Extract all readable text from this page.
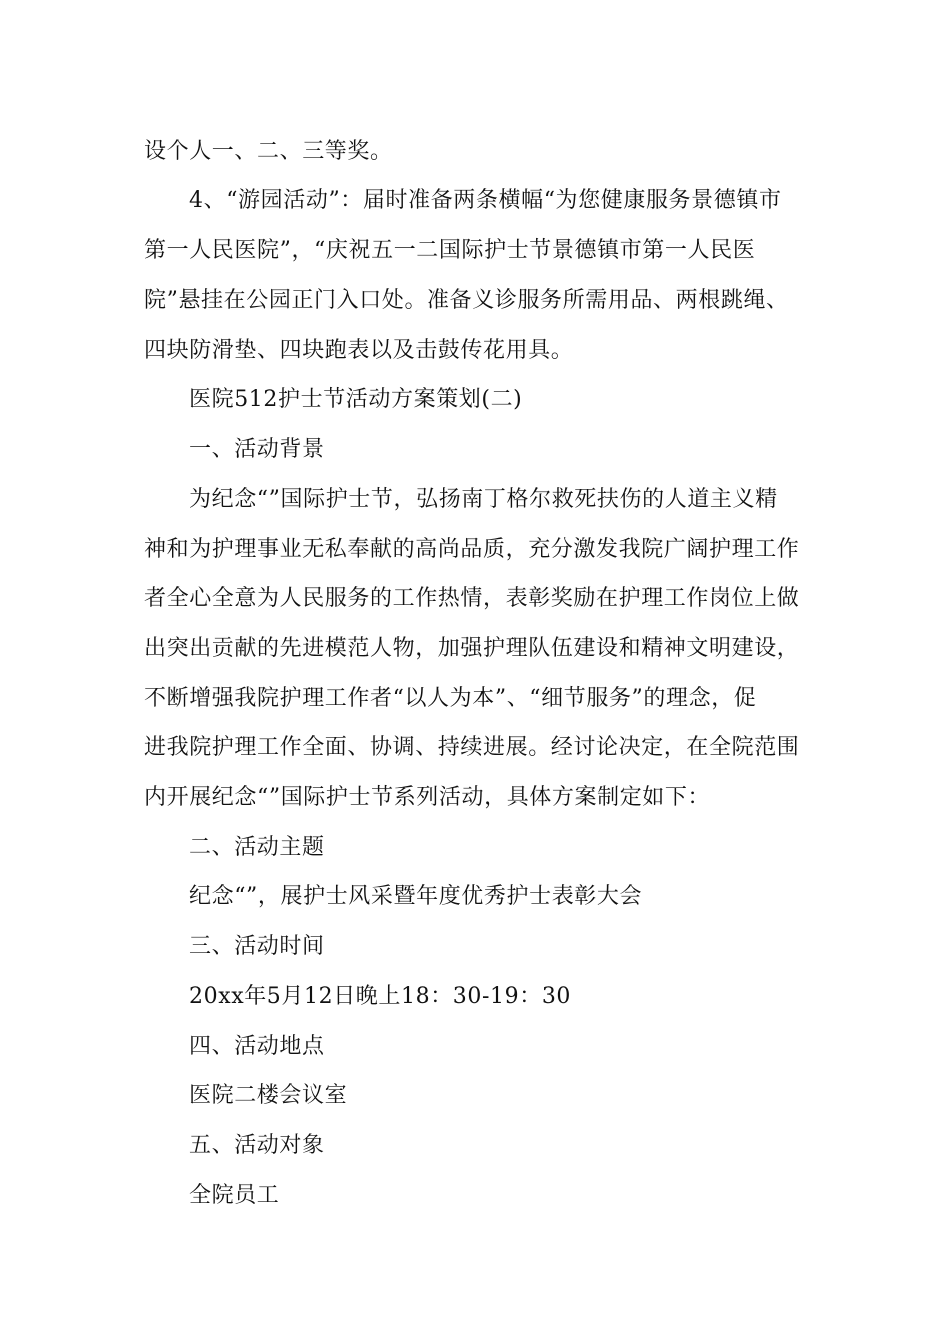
设个人一、二、三等奖。
4、“游园活动”：届时准备两条横幅“为您健康服务景德镇市
第一人民医院”，“庆祝五一二国际护士节景德镇市第一人民医
院”悬挂在公园正门入口处。准备义诊服务所需用品、两根跳绳、
四块防滑垫、四块跑表以及击鼓传花用具。
医院512护士节活动方案策划(二)
一、活动背景
为纪念“”国际护士节，弘扬南丁格尔救死扶伤的人道主义精
神和为护理事业无私奉献的高尚品质，充分激发我院广阔护理工作
者全心全意为人民服务的工作热情，表彰奖励在护理工作岗位上做
出突出贡献的先进模范人物，加强护理队伍建设和精神文明建设，
不断增强我院护理工作者“以人为本”、“细节服务”的理念，促
进我院护理工作全面、协调、持续进展。经讨论决定，在全院范围
内开展纪念“”国际护士节系列活动，具体方案制定如下：
二、活动主题
纪念“”，展护士风采暨年度优秀护士表彰大会
三、活动时间
20xx年5月12日晚上18：30-19：30
四、活动地点
医院二楼会议室
五、活动对象
全院员工
